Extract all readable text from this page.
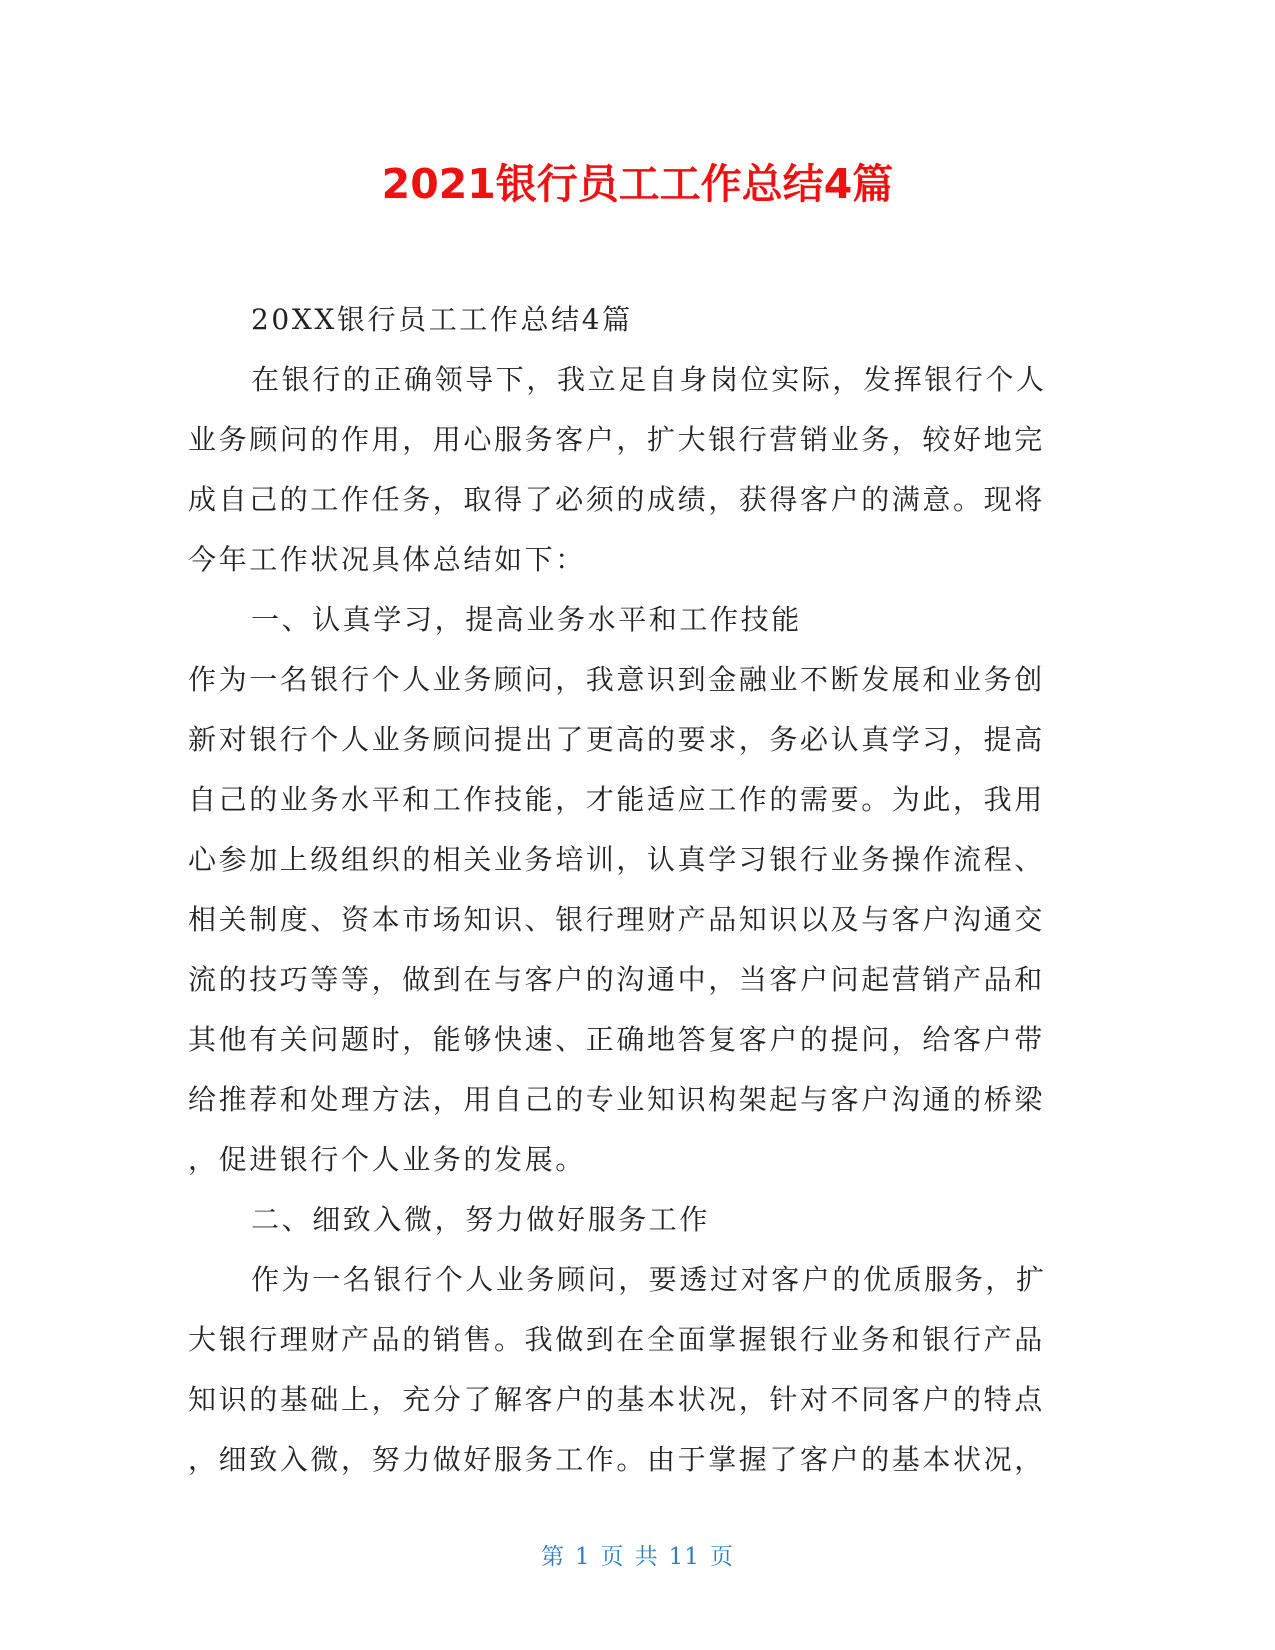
2021银行员工工作总结4篇
20XX银行员工工作总结4篇
在银行的正确领导下，我立足自身岗位实际，发挥银行个人
业务顾问的作用，用心服务客户，扩大银行营销业务，较好地完
成自己的工作任务，取得了必须的成绩，获得客户的满意。现将
今年工作状况具体总结如下：
一、认真学习，提高业务水平和工作技能
作为一名银行个人业务顾问，我意识到金融业不断发展和业务创
新对银行个人业务顾问提出了更高的要求，务必认真学习，提高
自己的业务水平和工作技能，才能适应工作的需要。为此，我用
心参加上级组织的相关业务培训，认真学习银行业务操作流程、
相关制度、资本市场知识、银行理财产品知识以及与客户沟通交
流的技巧等等，做到在与客户的沟通中，当客户问起营销产品和
其他有关问题时，能够快速、正确地答复客户的提问，给客户带
给推荐和处理方法，用自己的专业知识构架起与客户沟通的桥梁
，促进银行个人业务的发展。
二、细致入微，努力做好服务工作
作为一名银行个人业务顾问，要透过对客户的优质服务，扩
大银行理财产品的销售。我做到在全面掌握银行业务和银行产品
知识的基础上，充分了解客户的基本状况，针对不同客户的特点
，细致入微，努力做好服务工作。由于掌握了客户的基本状况，
第 1 页 共 11 页
